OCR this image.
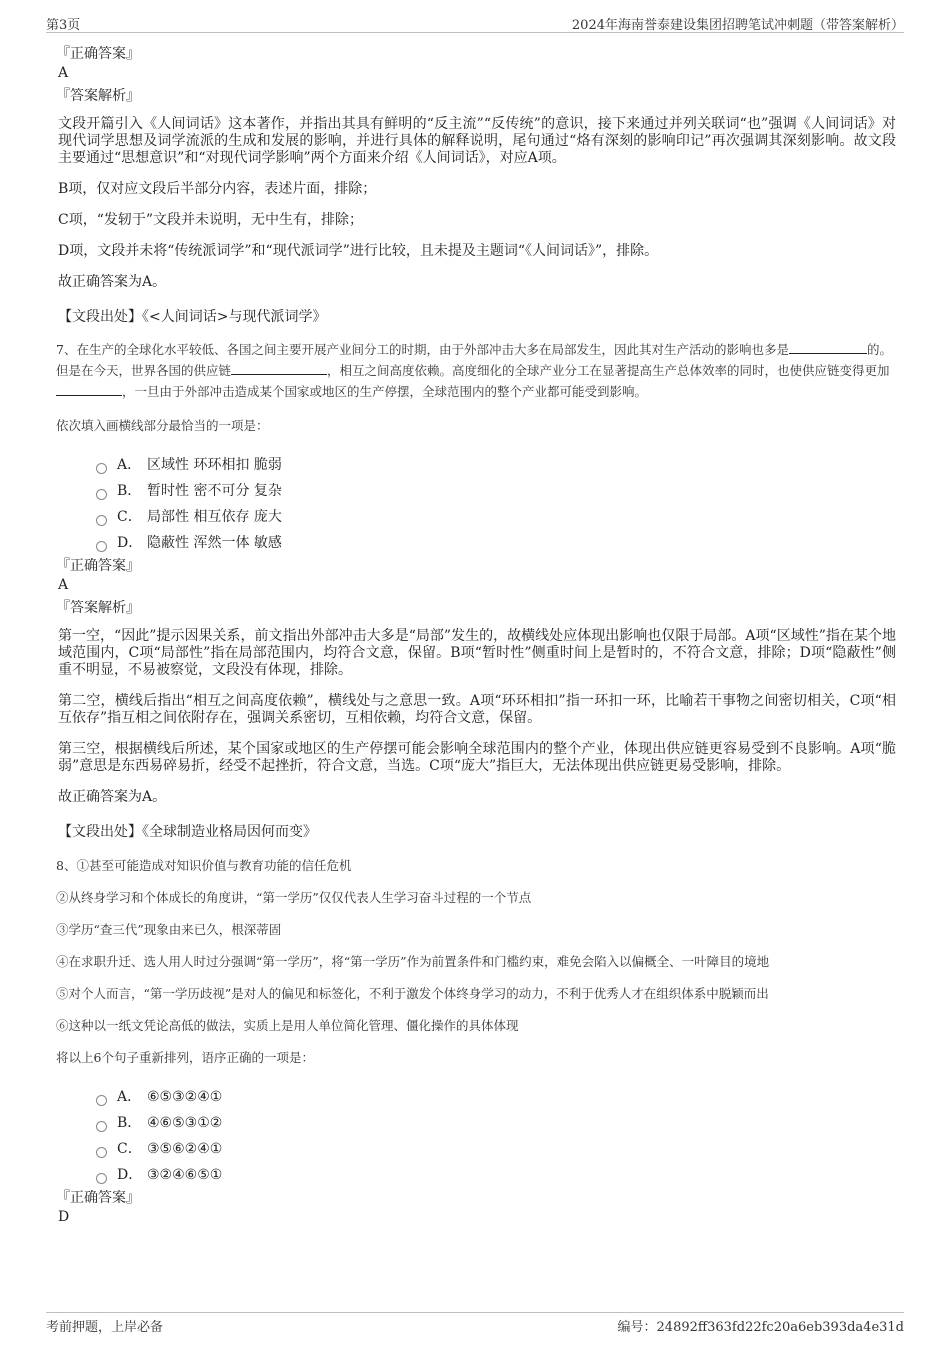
第3页	2024年海南誉泰建设集团招聘笔试冲刺题（带答案解析）
『正确答案』
A
『答案解析』
文段开篇引入《人间词话》这本著作，并指出其具有鲜明的“反主流”“反传统”的意识，接下来通过并列关联词“也”强调《人间词话》对现代词学思想及词学流派的生成和发展的影响，并进行具体的解释说明，尾句通过“烙有深刻的影响印记”再次强调其深刻影响。故文段主要通过“思想意识”和“对现代词学影响”两个方面来介绍《人间词话》，对应A项。
B项，仅对应文段后半部分内容，表述片面，排除；
C项，“发轫于”文段并未说明，无中生有，排除；
D项，文段并未将“传统派词学”和“现代派词学”进行比较，且未提及主题词“《人间词话》”，排除。
故正确答案为A。
【文段出处】《<人间词话>与现代派词学》
7、在生产的全球化水平较低、各国之间主要开展产业间分工的时期，由于外部冲击大多在局部发生，因此其对生产活动的影响也多是	的。但是在今天，世界各国的供应链	，相互之间高度依赖。高度细化的全球产业分工在显著提高生产总体效率的同时，也使供应链变得更加，一旦由于外部冲击造成某个国家或地区的生产停摆，全球范围内的整个产业都可能受到影响。
依次填入画横线部分最恰当的一项是：
A． 区域性 环环相扣 脆弱
B． 暂时性 密不可分 复杂
C． 局部性 相互依存 庞大
D． 隐蔽性 浑然一体 敏感
『正确答案』
A
『答案解析』
第一空，“因此”提示因果关系，前文指出外部冲击大多是“局部”发生的，故横线处应体现出影响也仅限于局部。A项“区域性”指在某个地域范围内，C项“局部性”指在局部范围内，均符合文意，保留。B项“暂时性”侧重时间上是暂时的，不符合文意，排除；D项“隐蔽性”侧重不明显，不易被察觉，文段没有体现，排除。
第二空，横线后指出“相互之间高度依赖”，横线处与之意思一致。A项“环环相扣”指一环扣一环，比喻若干事物之间密切相关，C项“相互依存”指互相之间依附存在，强调关系密切，互相依赖，均符合文意，保留。
第三空，根据横线后所述，某个国家或地区的生产停摆可能会影响全球范围内的整个产业，体现出供应链更容易受到不良影响。A项“脆弱”意思是东西易碎易折，经受不起挫折，符合文意，当选。C项“庞大”指巨大，无法体现出供应链更易受影响，排除。
故正确答案为A。
【文段出处】《全球制造业格局因何而变》
8、①甚至可能造成对知识价值与教育功能的信任危机
②从终身学习和个体成长的角度讲，“第一学历”仅仅代表人生学习奋斗过程的一个节点
③学历“查三代”现象由来已久，根深蒂固
④在求职升迁、选人用人时过分强调“第一学历”，将“第一学历”作为前置条件和门槛约束，难免会陷入以偏概全、一叶障目的境地
⑤对个人而言，“第一学历歧视”是对人的偏见和标签化，不利于激发个体终身学习的动力，不利于优秀人才在组织体系中脱颖而出
⑥这种以一纸文凭论高低的做法，实质上是用人单位简化管理、僵化操作的具体体现
将以上6个句子重新排列，语序正确的一项是：
A． ⑥⑤③②④①
B． ④⑥⑤③①②
C． ③⑤⑥②④①
D． ③②④⑥⑤①
『正确答案』
D
考前押题，上岸必备	编号：24892ff363fd22fc20a6eb393da4e31d
